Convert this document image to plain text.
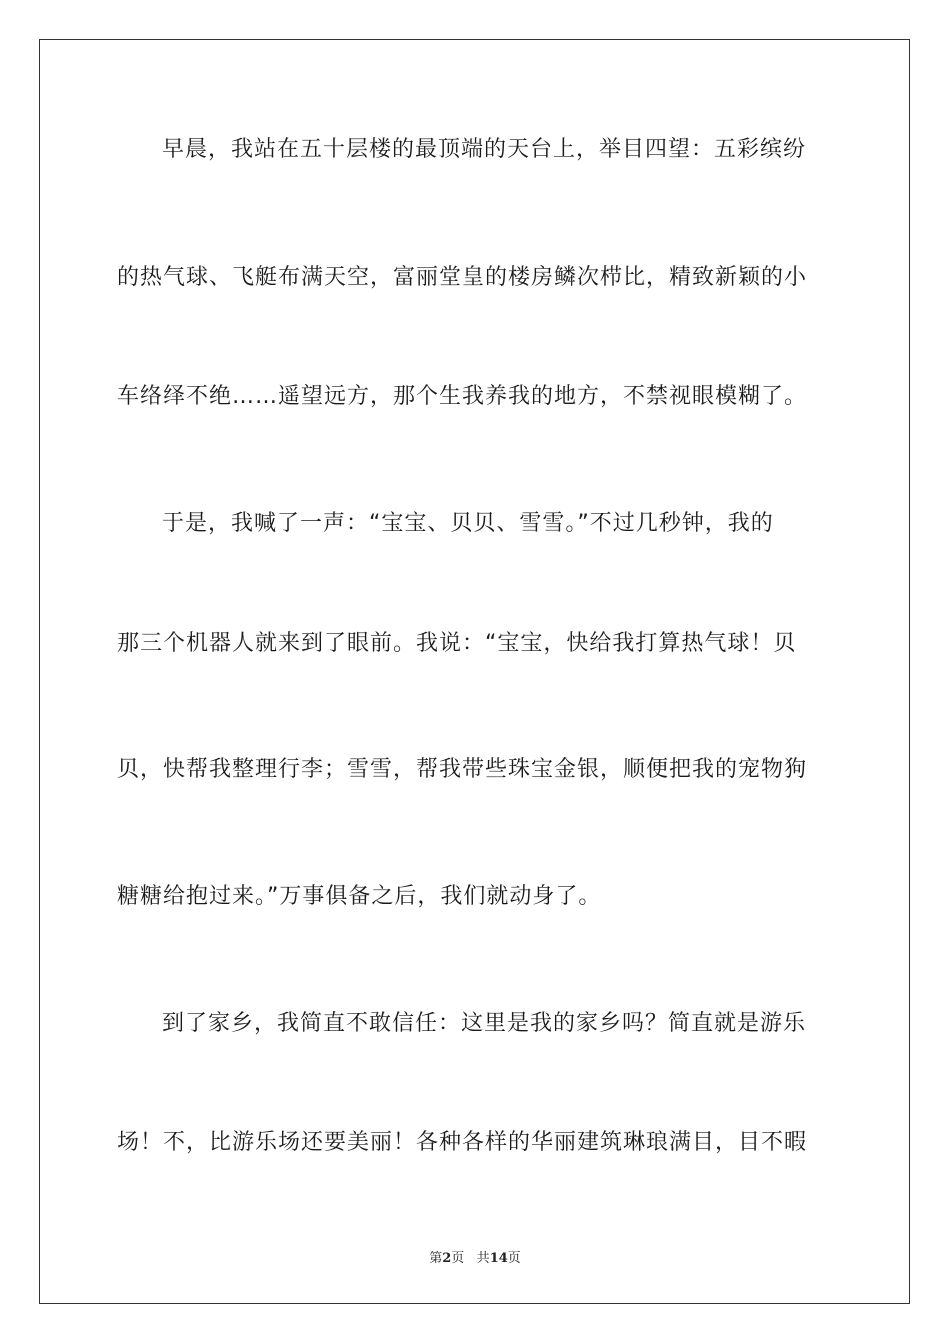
早晨，我站在五十层楼的最顶端的天台上，举目四望：五彩缤纷
的热气球、飞艇布满天空，富丽堂皇的楼房鳞次栉比，精致新颖的小
车络绎不绝……遥望远方，那个生我养我的地方，不禁视眼模糊了。
于是，我喊了一声：“宝宝、贝贝、雪雪。”不过几秒钟，我的
那三个机器人就来到了眼前。我说：“宝宝，快给我打算热气球！贝
贝，快帮我整理行李；雪雪，帮我带些珠宝金银，顺便把我的宠物狗
糖糖给抱过来。”万事俱备之后，我们就动身了。
到了家乡，我简直不敢信任：这里是我的家乡吗？简直就是游乐
场！不，比游乐场还要美丽！各种各样的华丽建筑琳琅满目，目不暇
第2页 共14页
